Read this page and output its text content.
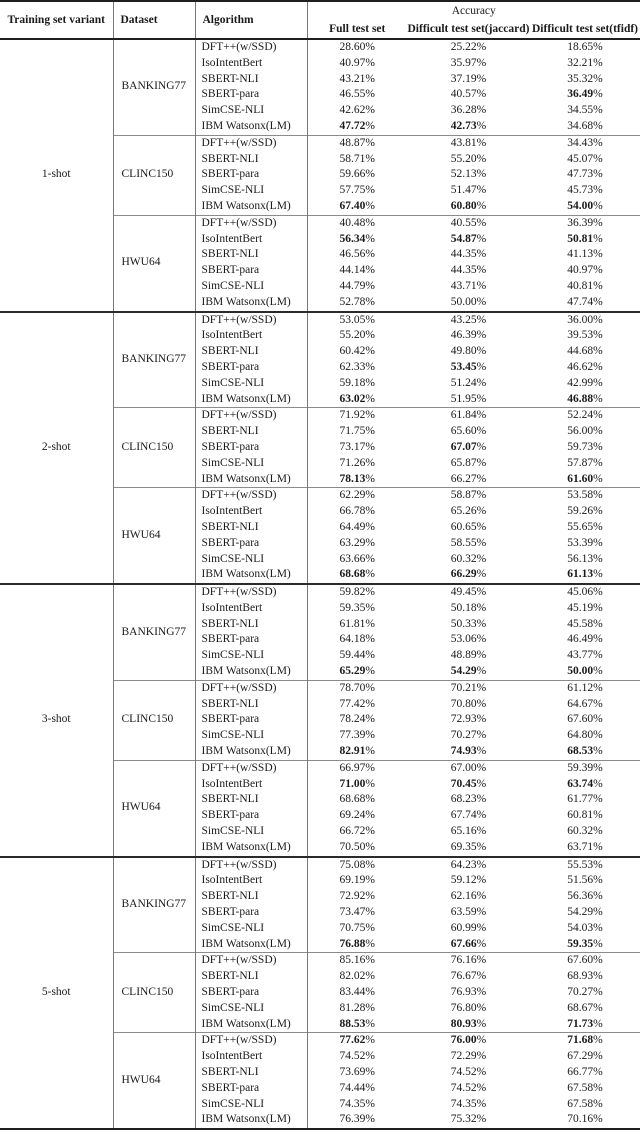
Training set variant	Dataset	Algorithm	Accuracy		
			Full test set	Difficult test set(jaccard)	Difficult test set(tfidf)
1-shot	BANKING77	DFT++(w/SSD)	28.60%	25.22%	18.65%
		IsoIntentBert	40.97%	35.97%	32.21%
		SBERT-NLI	43.21%	37.19%	35.32%
		SBERT-para	46.55%	40.57%	36.49%
		SimCSE-NLI	42.62%	36.28%	34.55%
		IBM Watsonx(LM)	47.72%	42.73%	34.68%
	CLINC150	DFT++(w/SSD)	48.87%	43.81%	34.43%
		SBERT-NLI	58.71%	55.20%	45.07%
		SBERT-para	59.66%	52.13%	47.73%
		SimCSE-NLI	57.75%	51.47%	45.73%
		IBM Watsonx(LM)	67.40%	60.80%	54.00%
	HWU64	DFT++(w/SSD)	40.48%	40.55%	36.39%
		IsoIntentBert	56.34%	54.87%	50.81%
		SBERT-NLI	46.56%	44.35%	41.13%
		SBERT-para	44.14%	44.35%	40.97%
		SimCSE-NLI	44.79%	43.71%	40.81%
		IBM Watsonx(LM)	52.78%	50.00%	47.74%
2-shot	BANKING77	DFT++(w/SSD)	53.05%	43.25%	36.00%
		IsoIntentBert	55.20%	46.39%	39.53%
		SBERT-NLI	60.42%	49.80%	44.68%
		SBERT-para	62.33%	53.45%	46.62%
		SimCSE-NLI	59.18%	51.24%	42.99%
		IBM Watsonx(LM)	63.02%	51.95%	46.88%
	CLINC150	DFT++(w/SSD)	71.92%	61.84%	52.24%
		SBERT-NLI	71.75%	65.60%	56.00%
		SBERT-para	73.17%	67.07%	59.73%
		SimCSE-NLI	71.26%	65.87%	57.87%
		IBM Watsonx(LM)	78.13%	66.27%	61.60%
	HWU64	DFT++(w/SSD)	62.29%	58.87%	53.58%
		IsoIntentBert	66.78%	65.26%	59.26%
		SBERT-NLI	64.49%	60.65%	55.65%
		SBERT-para	63.29%	58.55%	53.39%
		SimCSE-NLI	63.66%	60.32%	56.13%
		IBM Watsonx(LM)	68.68%	66.29%	61.13%
3-shot	BANKING77	DFT++(w/SSD)	59.82%	49.45%	45.06%
		IsoIntentBert	59.35%	50.18%	45.19%
		SBERT-NLI	61.81%	50.33%	45.58%
		SBERT-para	64.18%	53.06%	46.49%
		SimCSE-NLI	59.44%	48.89%	43.77%
		IBM Watsonx(LM)	65.29%	54.29%	50.00%
	CLINC150	DFT++(w/SSD)	78.70%	70.21%	61.12%
		SBERT-NLI	77.42%	70.80%	64.67%
		SBERT-para	78.24%	72.93%	67.60%
		SimCSE-NLI	77.39%	70.27%	64.80%
		IBM Watsonx(LM)	82.91%	74.93%	68.53%
	HWU64	DFT++(w/SSD)	66.97%	67.00%	59.39%
		IsoIntentBert	71.00%	70.45%	63.74%
		SBERT-NLI	68.68%	68.23%	61.77%
		SBERT-para	69.24%	67.74%	60.81%
		SimCSE-NLI	66.72%	65.16%	60.32%
		IBM Watsonx(LM)	70.50%	69.35%	63.71%
5-shot	BANKING77	DFT++(w/SSD)	75.08%	64.23%	55.53%
		IsoIntentBert	69.19%	59.12%	51.56%
		SBERT-NLI	72.92%	62.16%	56.36%
		SBERT-para	73.47%	63.59%	54.29%
		SimCSE-NLI	70.75%	60.99%	54.03%
		IBM Watsonx(LM)	76.88%	67.66%	59.35%
	CLINC150	DFT++(w/SSD)	85.16%	76.16%	67.60%
		SBERT-NLI	82.02%	76.67%	68.93%
		SBERT-para	83.44%	76.93%	70.27%
		SimCSE-NLI	81.28%	76.80%	68.67%
		IBM Watsonx(LM)	88.53%	80.93%	71.73%
	HWU64	DFT++(w/SSD)	77.62%	76.00%	71.68%
		IsoIntentBert	74.52%	72.29%	67.29%
		SBERT-NLI	73.69%	74.52%	66.77%
		SBERT-para	74.44%	74.52%	67.58%
		SimCSE-NLI	74.35%	74.35%	67.58%
		IBM Watsonx(LM)	76.39%	75.32%	70.16%
